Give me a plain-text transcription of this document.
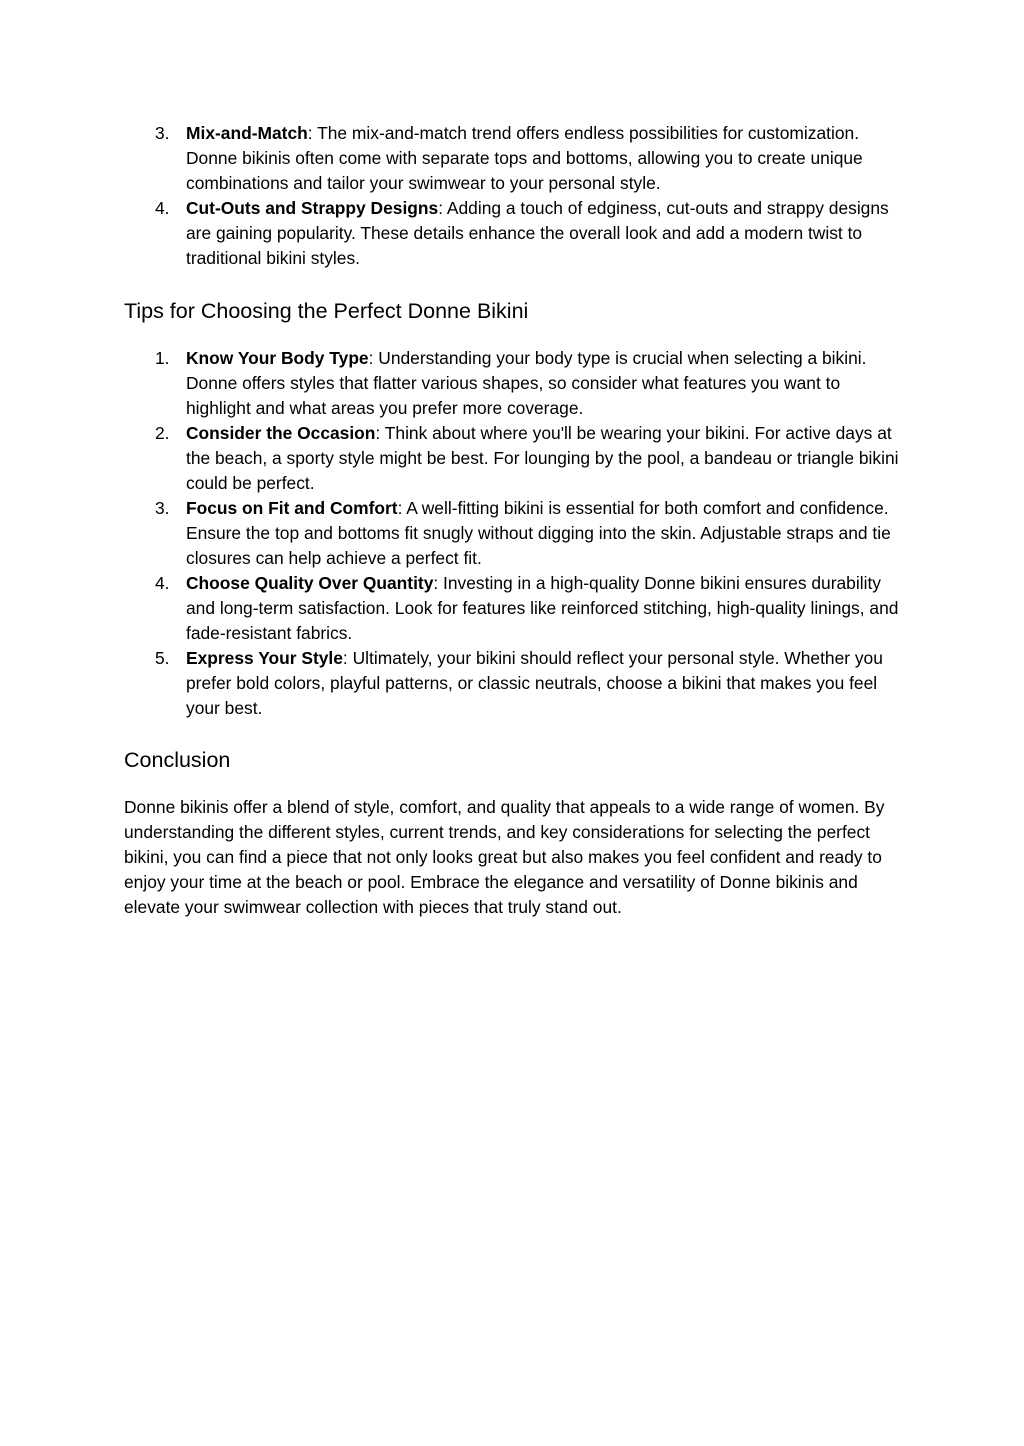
3. Mix-and-Match: The mix-and-match trend offers endless possibilities for customization. Donne bikinis often come with separate tops and bottoms, allowing you to create unique combinations and tailor your swimwear to your personal style.
4. Cut-Outs and Strappy Designs: Adding a touch of edginess, cut-outs and strappy designs are gaining popularity. These details enhance the overall look and add a modern twist to traditional bikini styles.
Tips for Choosing the Perfect Donne Bikini
1. Know Your Body Type: Understanding your body type is crucial when selecting a bikini. Donne offers styles that flatter various shapes, so consider what features you want to highlight and what areas you prefer more coverage.
2. Consider the Occasion: Think about where you'll be wearing your bikini. For active days at the beach, a sporty style might be best. For lounging by the pool, a bandeau or triangle bikini could be perfect.
3. Focus on Fit and Comfort: A well-fitting bikini is essential for both comfort and confidence. Ensure the top and bottoms fit snugly without digging into the skin. Adjustable straps and tie closures can help achieve a perfect fit.
4. Choose Quality Over Quantity: Investing in a high-quality Donne bikini ensures durability and long-term satisfaction. Look for features like reinforced stitching, high-quality linings, and fade-resistant fabrics.
5. Express Your Style: Ultimately, your bikini should reflect your personal style. Whether you prefer bold colors, playful patterns, or classic neutrals, choose a bikini that makes you feel your best.
Conclusion

Donne bikinis offer a blend of style, comfort, and quality that appeals to a wide range of women. By understanding the different styles, current trends, and key considerations for selecting the perfect bikini, you can find a piece that not only looks great but also makes you feel confident and ready to enjoy your time at the beach or pool. Embrace the elegance and versatility of Donne bikinis and elevate your swimwear collection with pieces that truly stand out.
